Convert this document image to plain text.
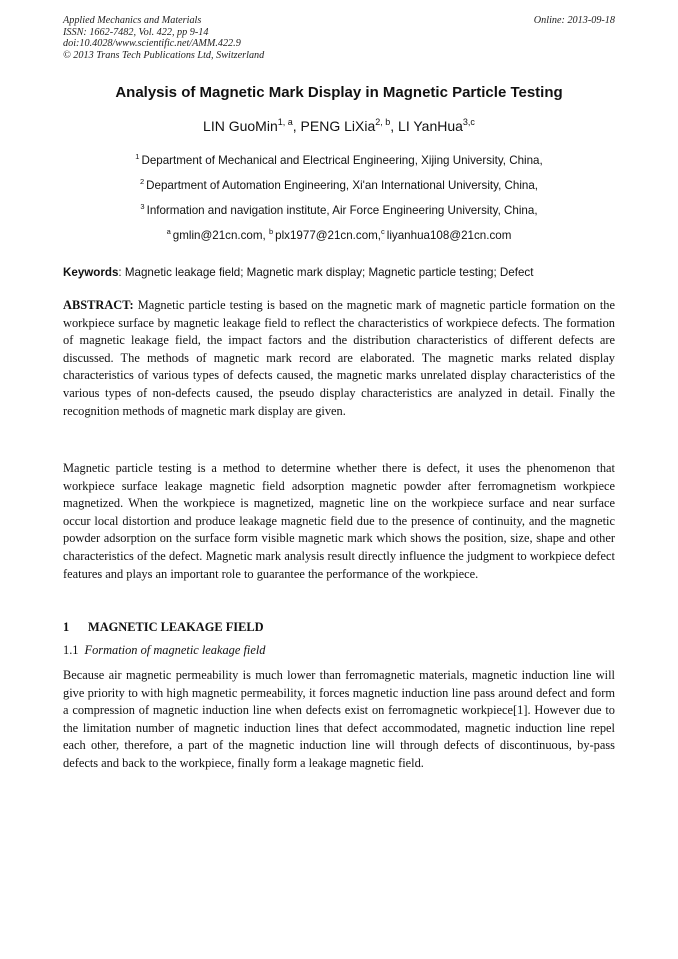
Applied Mechanics and Materials
ISSN: 1662-7482, Vol. 422, pp 9-14
doi:10.4028/www.scientific.net/AMM.422.9
© 2013 Trans Tech Publications Ltd, Switzerland
Online: 2013-09-18
Analysis of Magnetic Mark Display in Magnetic Particle Testing
LIN GuoMin$^{1, a}$, PENG LiXia$^{2, b}$, LI YanHua$^{3,c}$
$^1$ Department of Mechanical and Electrical Engineering, Xijing University, China,
$^2$ Department of Automation Engineering, Xi'an International University, China,
$^3$ Information and navigation institute, Air Force Engineering University, China,
$^a$ gmlin@21cn.com, $^b$ plx1977@21cn.com,$^c$ liyanhua108@21cn.com
Keywords: Magnetic leakage field; Magnetic mark display; Magnetic particle testing; Defect
ABSTRACT: Magnetic particle testing is based on the magnetic mark of magnetic particle formation on the workpiece surface by magnetic leakage field to reflect the characteristics of workpiece defects. The formation of magnetic leakage field, the impact factors and the distribution characteristics of different defects are discussed. The methods of magnetic mark record are elaborated. The magnetic marks related display characteristics of various types of defects caused, the magnetic marks unrelated display characteristics of the various types of non-defects caused, the pseudo display characteristics are analyzed in detail. Finally the recognition methods of magnetic mark display are given.
Magnetic particle testing is a method to determine whether there is defect, it uses the phenomenon that workpiece surface leakage magnetic field adsorption magnetic powder after ferromagnetism workpiece magnetized. When the workpiece is magnetized, magnetic line on the workpiece surface and near surface occur local distortion and produce leakage magnetic field due to the presence of continuity, and the magnetic powder adsorption on the surface form visible magnetic mark which shows the position, size, shape and other characteristics of the defect. Magnetic mark analysis result directly influence the judgment to workpiece defect features and plays an important role to guarantee the performance of the workpiece.
1 MAGNETIC LEAKAGE FIELD
1.1 Formation of magnetic leakage field
Because air magnetic permeability is much lower than ferromagnetic materials, magnetic induction line will give priority to with high magnetic permeability, it forces magnetic induction line pass around defect and form a compression of magnetic induction line when defects exist on ferromagnetic workpiece[1]. However due to the limitation number of magnetic induction lines that defect accommodated, magnetic induction line repel each other, therefore, a part of the magnetic induction line will through defects of discontinuous, by-pass defects and back to the workpiece, finally form a leakage magnetic field.
